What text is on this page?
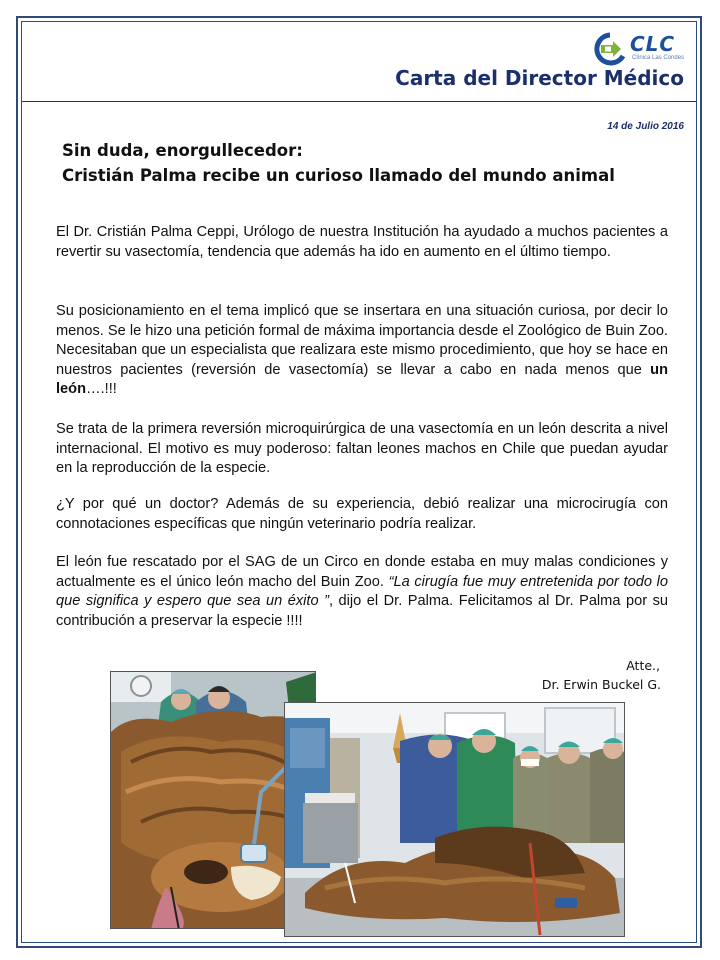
CLC
Clínica Las Condes
Carta del Director Médico
14 de Julio 2016
Sin duda, enorgullecedor:
Cristián Palma recibe un curioso llamado del mundo animal

El Dr. Cristián Palma Ceppi, Urólogo de nuestra Institución ha ayudado a muchos pacientes a revertir su vasectomía, tendencia que además ha ido en aumento en el último tiempo.

Su posicionamiento en el tema implicó que se insertara en una situación curiosa, por decir lo menos. Se le hizo una petición formal de máxima importancia desde el Zoológico de Buin Zoo. Necesitaban que un especialista que realizara este mismo procedimiento, que hoy se hace en nuestros pacientes (reversión de vasectomía) se llevar a cabo en nada menos que un león….!!!

Se trata de la primera reversión microquirúrgica de una vasectomía en un león descrita a nivel internacional. El motivo es muy poderoso: faltan leones machos en Chile que puedan ayudar en la reproducción de la especie.

¿Y por qué un doctor? Además de su experiencia, debió realizar una microcirugía con connotaciones específicas que ningún veterinario podría realizar.

El león fue rescatado por el SAG de un Circo en donde estaba en muy malas condiciones y actualmente es el único león macho del Buin Zoo. “La cirugía fue muy entretenida por todo lo que significa y espero que sea un éxito ”, dijo el Dr. Palma. Felicitamos al Dr. Palma por su contribución a preservar la especie !!!!

Atte.,
Dr. Erwin Buckel G.
